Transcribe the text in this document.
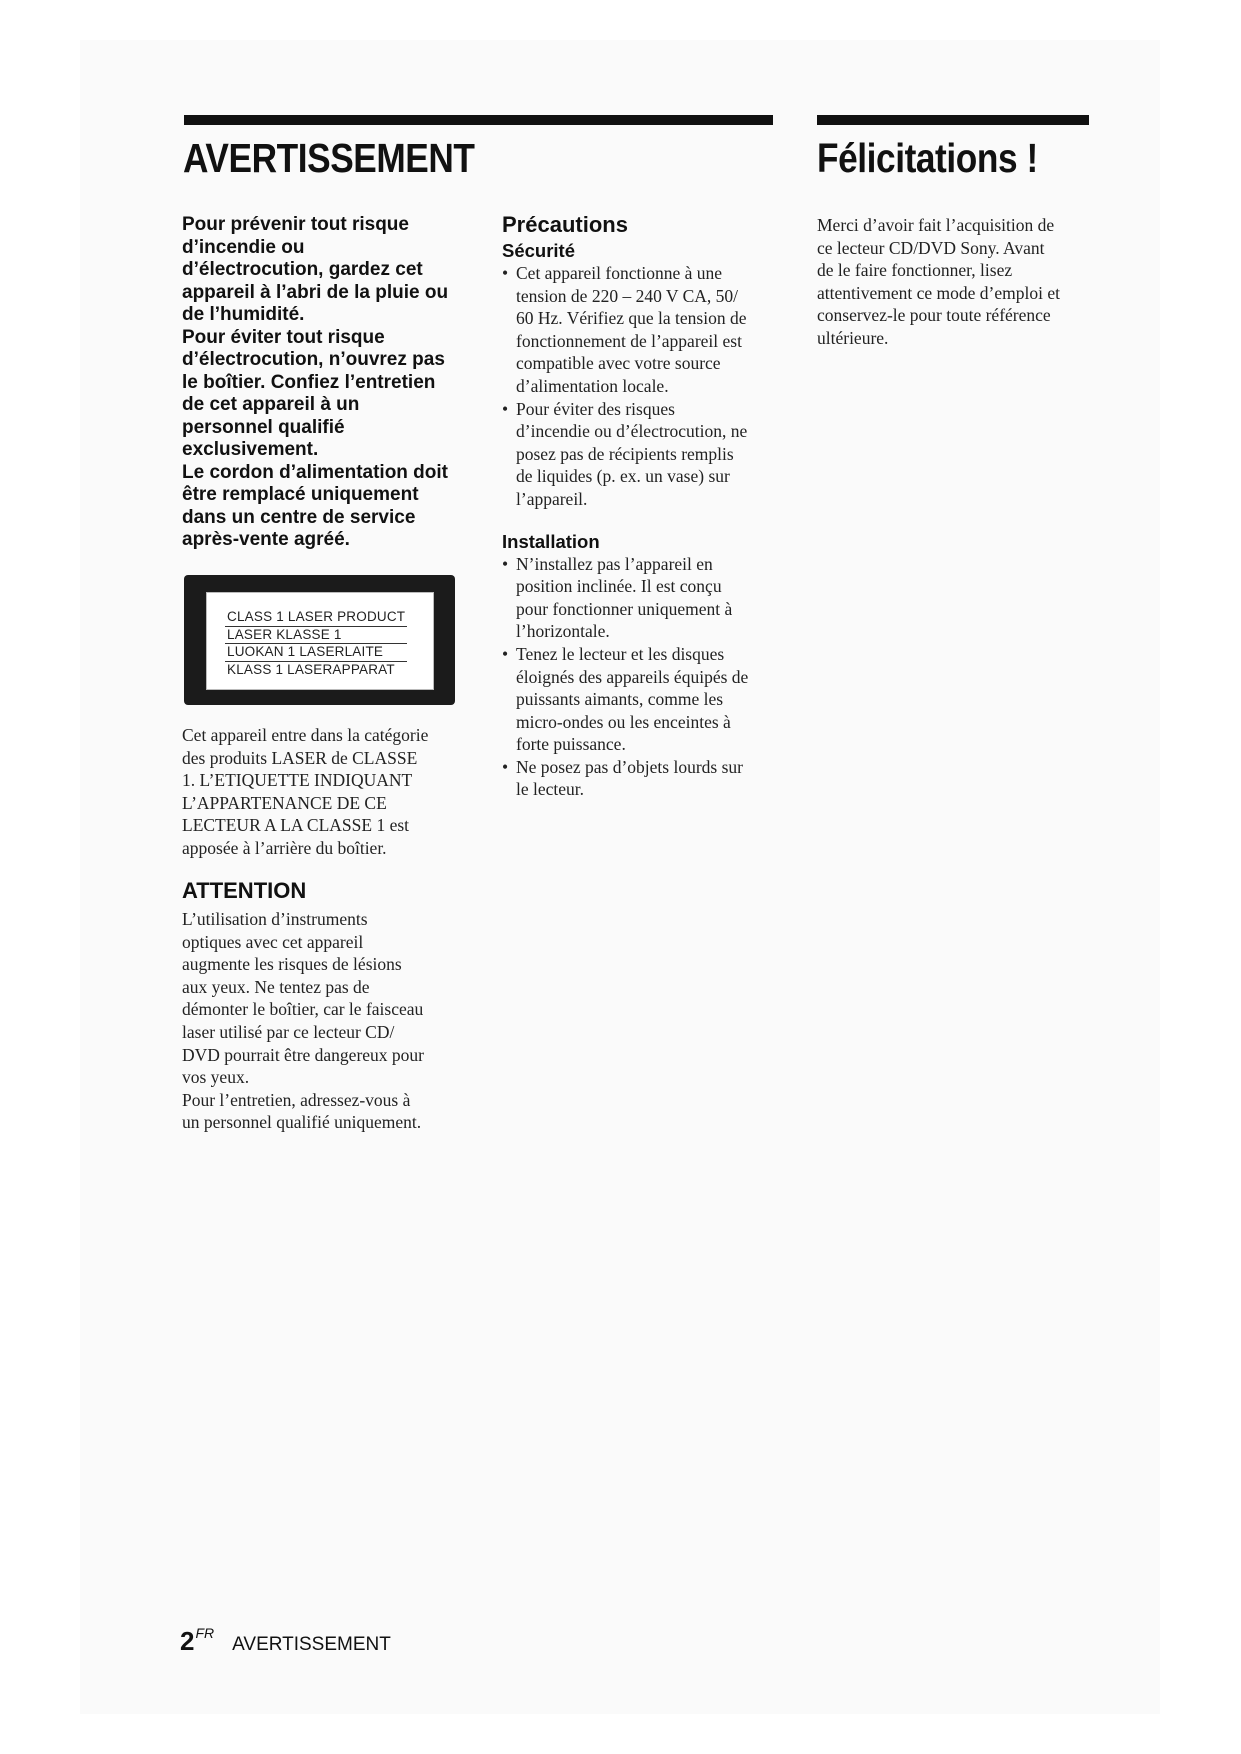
AVERTISSEMENT	Félicitations !
Pour prévenir tout risque
d’incendie ou
d’électrocution, gardez cet
appareil à l’abri de la pluie ou
de l’humidité.
Pour éviter tout risque
d’électrocution, n’ouvrez pas
le boîtier. Confiez l’entretien
de cet appareil à un
personnel qualifié
exclusivement.
Le cordon d’alimentation doit
être remplacé uniquement
dans un centre de service
après-vente agréé.
CLASS 1 LASER PRODUCT
LASER KLASSE 1
LUOKAN 1 LASERLAITE
KLASS 1 LASERAPPARAT
Cet appareil entre dans la catégorie
des produits LASER de CLASSE
1. L’ETIQUETTE INDIQUANT
L’APPARTENANCE DE CE
LECTEUR A LA CLASSE 1 est
apposée à l’arrière du boîtier.
ATTENTION
L’utilisation d’instruments
optiques avec cet appareil
augmente les risques de lésions
aux yeux. Ne tentez pas de
démonter le boîtier, car le faisceau
laser utilisé par ce lecteur CD/
DVD pourrait être dangereux pour
vos yeux.
Pour l’entretien, adressez-vous à
un personnel qualifié uniquement.
Précautions
Sécurité
• Cet appareil fonctionne à une
tension de 220 – 240 V CA, 50/
60 Hz. Vérifiez que la tension de
fonctionnement de l’appareil est
compatible avec votre source
d’alimentation locale.
• Pour éviter des risques
d’incendie ou d’électrocution, ne
posez pas de récipients remplis
de liquides (p. ex. un vase) sur
l’appareil.
Installation
• N’installez pas l’appareil en
position inclinée. Il est conçu
pour fonctionner uniquement à
l’horizontale.
• Tenez le lecteur et les disques
éloignés des appareils équipés de
puissants aimants, comme les
micro-ondes ou les enceintes à
forte puissance.
• Ne posez pas d’objets lourds sur
le lecteur.
Merci d’avoir fait l’acquisition de
ce lecteur CD/DVD Sony. Avant
de le faire fonctionner, lisez
attentivement ce mode d’emploi et
conservez-le pour toute référence
ultérieure.
2FRAVERTISSEMENT
